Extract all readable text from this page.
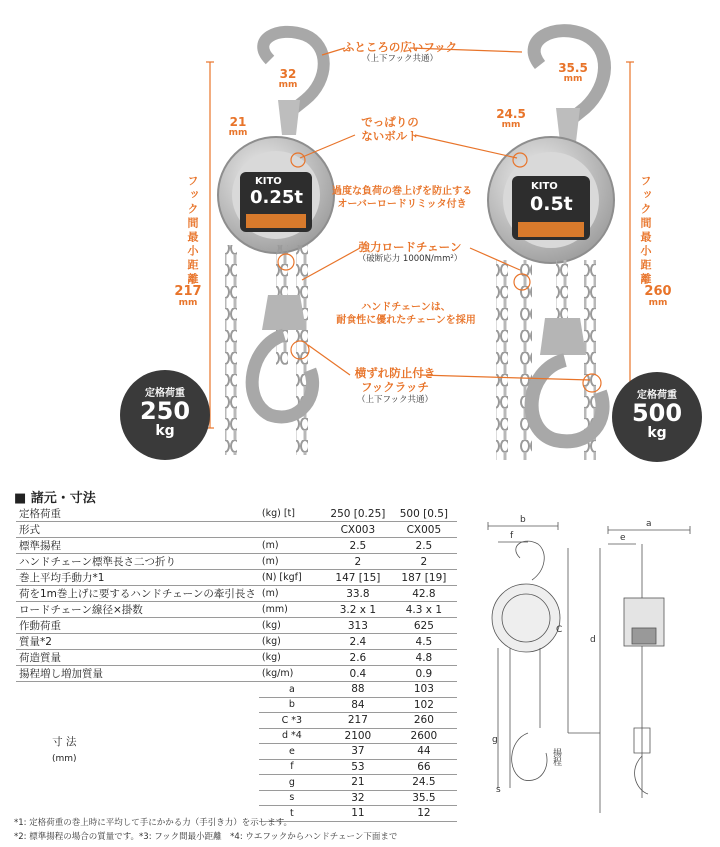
KITO
0.25t
KITO
0.5t
ふところの広いフック
（上下フック共通）
でっぱりの
ないボルト
過度な負荷の巻上げを防止する
オーバーロードリミッタ付き
強力ロードチェーン
（破断応力 1000N/mm²）
ハンドチェーンは、
耐食性に優れたチェーンを採用
横ずれ防止付き
フックラッチ
（上下フック共通）
32
mm
21
mm
フック間最小距離
217
mm
定格荷重
250
kg
35.5
mm
24.5
mm
フック間最小距離
260
mm
定格荷重
500
kg
■ 諸元・寸法
定格荷重	(kg) [t]	250 [0.25]	500 [0.5]
形式		CX003	CX005
標準揚程	(m)	2.5	2.5
ハンドチェーン標準長さ二つ折り	(m)	2	2
巻上平均手動力*1	(N) [kgf]	147 [15]	187 [19]
荷を1m巻上げに要するハンドチェーンの牽引長さ	(m)	33.8	42.8
ロードチェーン線径×掛数	(mm)	3.2 x 1	4.3 x 1
作動荷重	(kg)	313	625
質量*2	(kg)	2.4	4.5
荷造質量	(kg)	2.6	4.8
揚程増し増加質量	(kg/m)	0.4	0.9
	a	88	103
	b	84	102
	C *3	217	260
	d *4	2100	2600
	e	37	44
	f	53	66
	g	21	24.5
	s	32	35.5
	t	11	12
寸 法
(mm)
b
f
a
e
C
d
g
s
揚程
*1: 定格荷重の巻上時に平均して手にかかる力（手引き力）を示します。
*2: 標準揚程の場合の質量です。*3: フック間最小距離　*4: ウエフックからハンドチェーン下面まで
